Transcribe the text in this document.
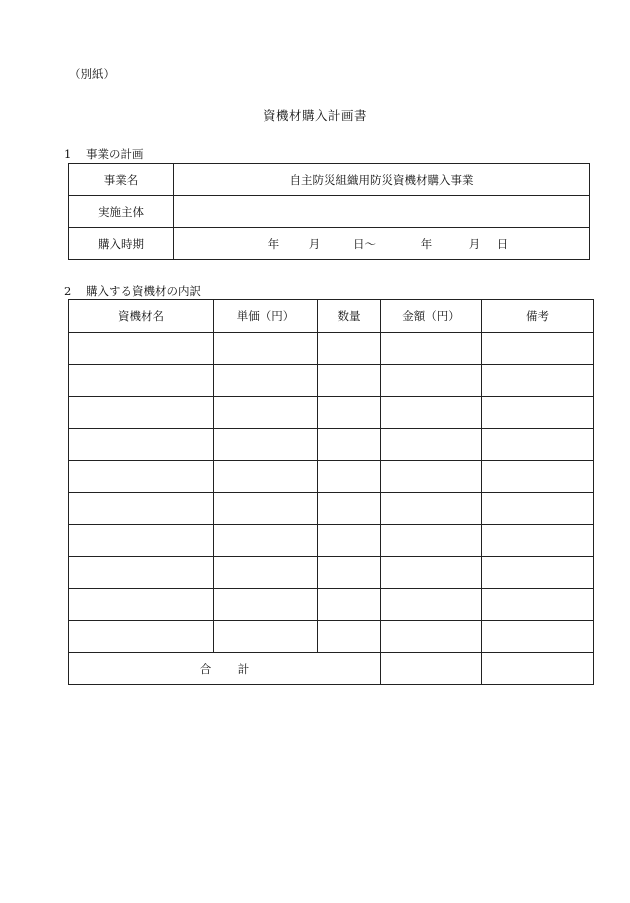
（別紙）
資機材購入計画書
1 事業の計画
事業名	自主防災組織用防災資機材購入事業
実施主体	
購入時期	年 月 日～ 年 月 日
2 購入する資機材の内訳
資機材名	単価（円）	数量	金額（円）	備考

合 計				
